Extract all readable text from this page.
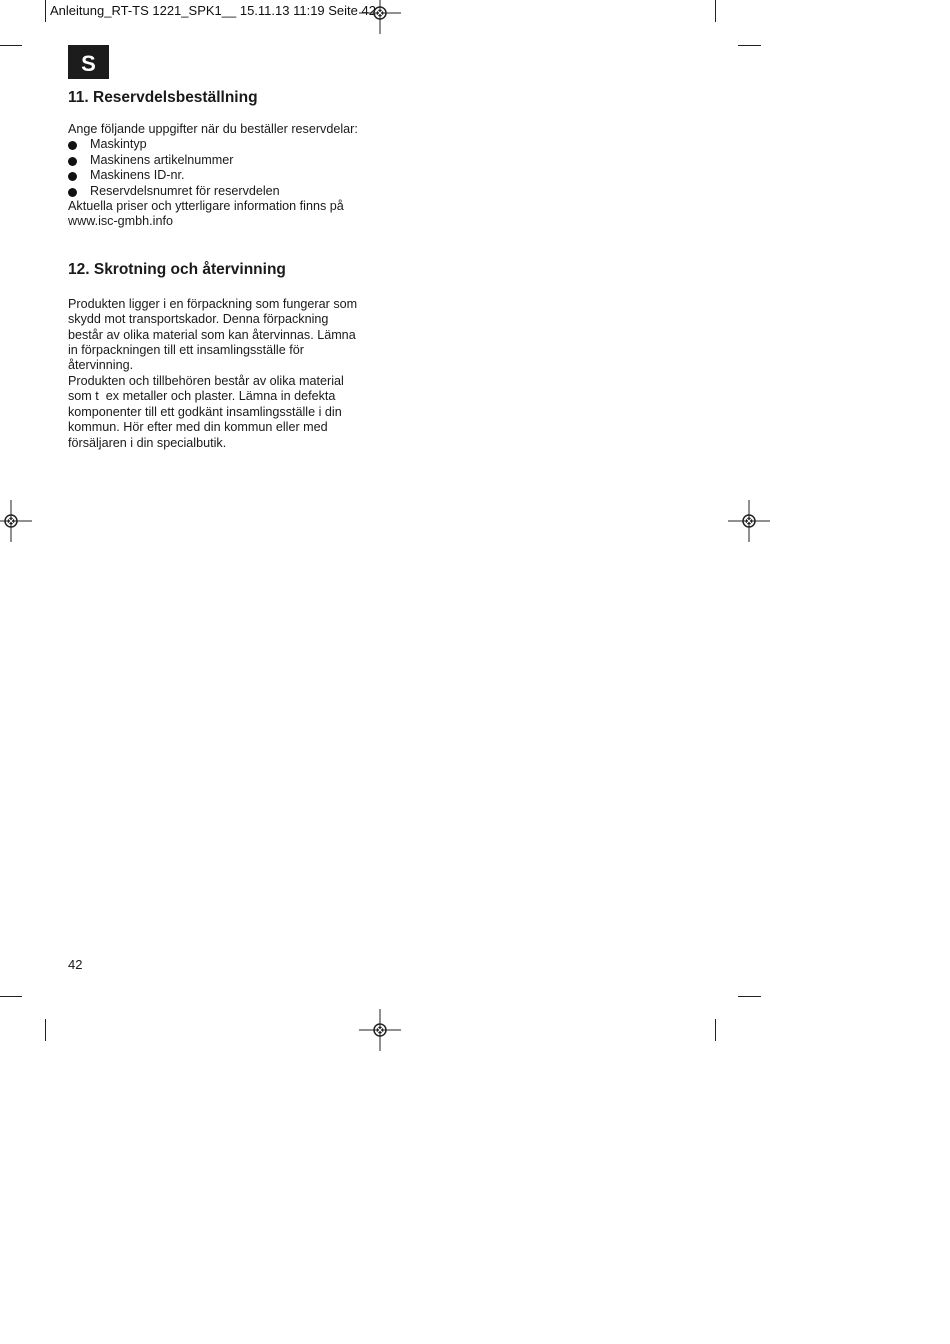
Anleitung_RT-TS 1221_SPK1__ 15.11.13 11:19 Seite 42
S
11. Reservdelsbeställning

Ange följande uppgifter när du beställer reservdelar:

Maskintyp
Maskinens artikelnummer
Maskinens ID-nr.
Reservdelsnumret för reservdelen

Aktuella priser och ytterligare information finns på

www.isc-gmbh.info

12. Skrotning och återvinning

Produkten ligger i en förpackning som fungerar som

skydd mot transportskador. Denna förpackning

består av olika material som kan återvinnas. Lämna

in förpackningen till ett insamlingsställe för

återvinning.

Produkten och tillbehören består av olika material

som t  ex metaller och plaster. Lämna in defekta

komponenter till ett godkänt insamlingsställe i din

kommun. Hör efter med din kommun eller med

försäljaren i din specialbutik.

42
